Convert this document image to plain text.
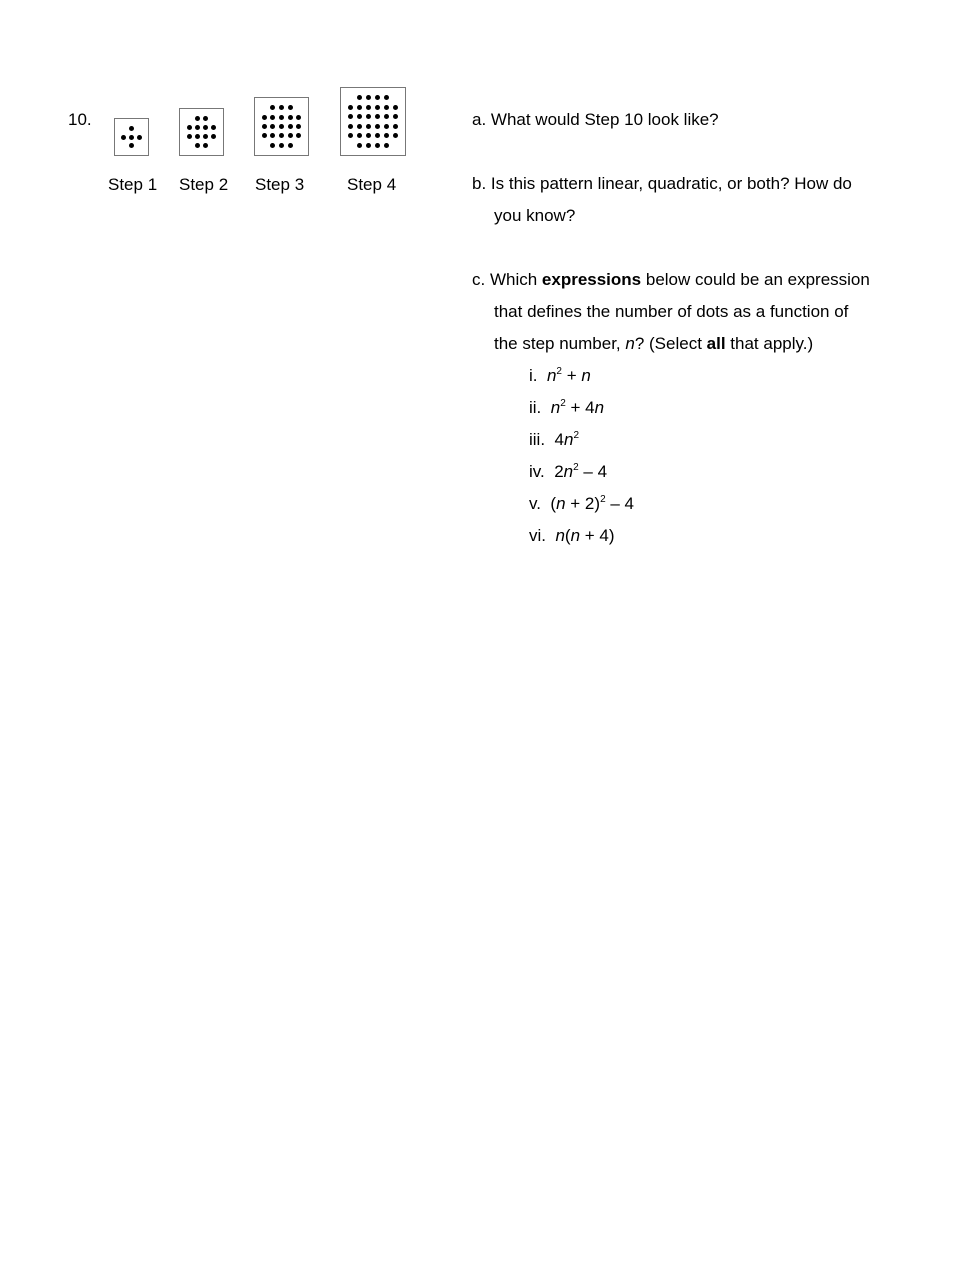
10.
Step 1 Step 2 Step 3	Step 4
a. What would Step 10 look like?
b. Is this pattern linear, quadratic, or both? How do
you know?
c. Which expressions below could be an expression
that defines the number of dots as a function of
the step number, n? (Select all that apply.)
i. $n^2 + n$
ii. $n^2 + 4n$
iii. $4n^2$
iv. $2n^2 - 4$
v. $(n + 2)^2 - 4$
vi. n(n + 4)
